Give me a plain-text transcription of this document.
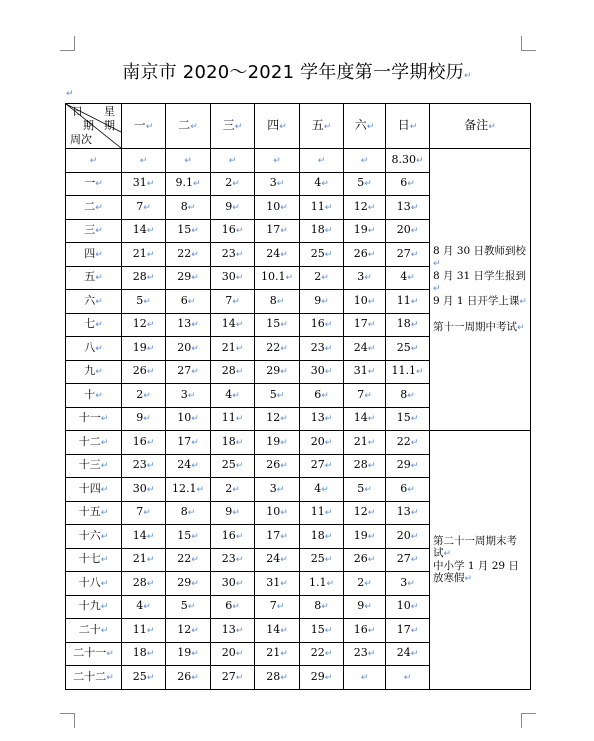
南京市 2020～2021 学年度第一学期校历↵
↵
日 星
期 期
周次	一↵	二↵	三↵	四↵	五↵	六↵	日↵	备注↵
↵	↵	↵	↵	↵	↵	↵	8.30↵	8 月 30 日教师到校↵
8 月 31 日学生报到↵
9 月 1 日开学上课↵
第十一周期中考试↵

一↵	31↵	9.1↵	2↵	3↵	4↵	5↵	6↵	
二↵	7↵	8↵	9↵	10↵	11↵	12↵	13↵	
三↵	14↵	15↵	16↵	17↵	18↵	19↵	20↵	
四↵	21↵	22↵	23↵	24↵	25↵	26↵	27↵	
五↵	28↵	29↵	30↵	10.1↵	2↵	3↵	4↵	
六↵	5↵	6↵	7↵	8↵	9↵	10↵	11↵	
七↵	12↵	13↵	14↵	15↵	16↵	17↵	18↵	
八↵	19↵	20↵	21↵	22↵	23↵	24↵	25↵	
九↵	26↵	27↵	28↵	29↵	30↵	31↵	11.1↵	
十↵	2↵	3↵	4↵	5↵	6↵	7↵	8↵	
十一↵	9↵	10↵	11↵	12↵	13↵	14↵	15↵	
十二↵	16↵	17↵	18↵	19↵	20↵	21↵	22↵	第二十一周期末考试↵
中小学 1 月 29 日放寒假↵

十三↵	23↵	24↵	25↵	26↵	27↵	28↵	29↵	
十四↵	30↵	12.1↵	2↵	3↵	4↵	5↵	6↵	
十五↵	7↵	8↵	9↵	10↵	11↵	12↵	13↵	
十六↵	14↵	15↵	16↵	17↵	18↵	19↵	20↵	
十七↵	21↵	22↵	23↵	24↵	25↵	26↵	27↵	
十八↵	28↵	29↵	30↵	31↵	1.1↵	2↵	3↵	
十九↵	4↵	5↵	6↵	7↵	8↵	9↵	10↵	
二十↵	11↵	12↵	13↵	14↵	15↵	16↵	17↵	
二十一↵	18↵	19↵	20↵	21↵	22↵	23↵	24↵	
二十二↵	25↵	26↵	27↵	28↵	29↵	↵	↵	
